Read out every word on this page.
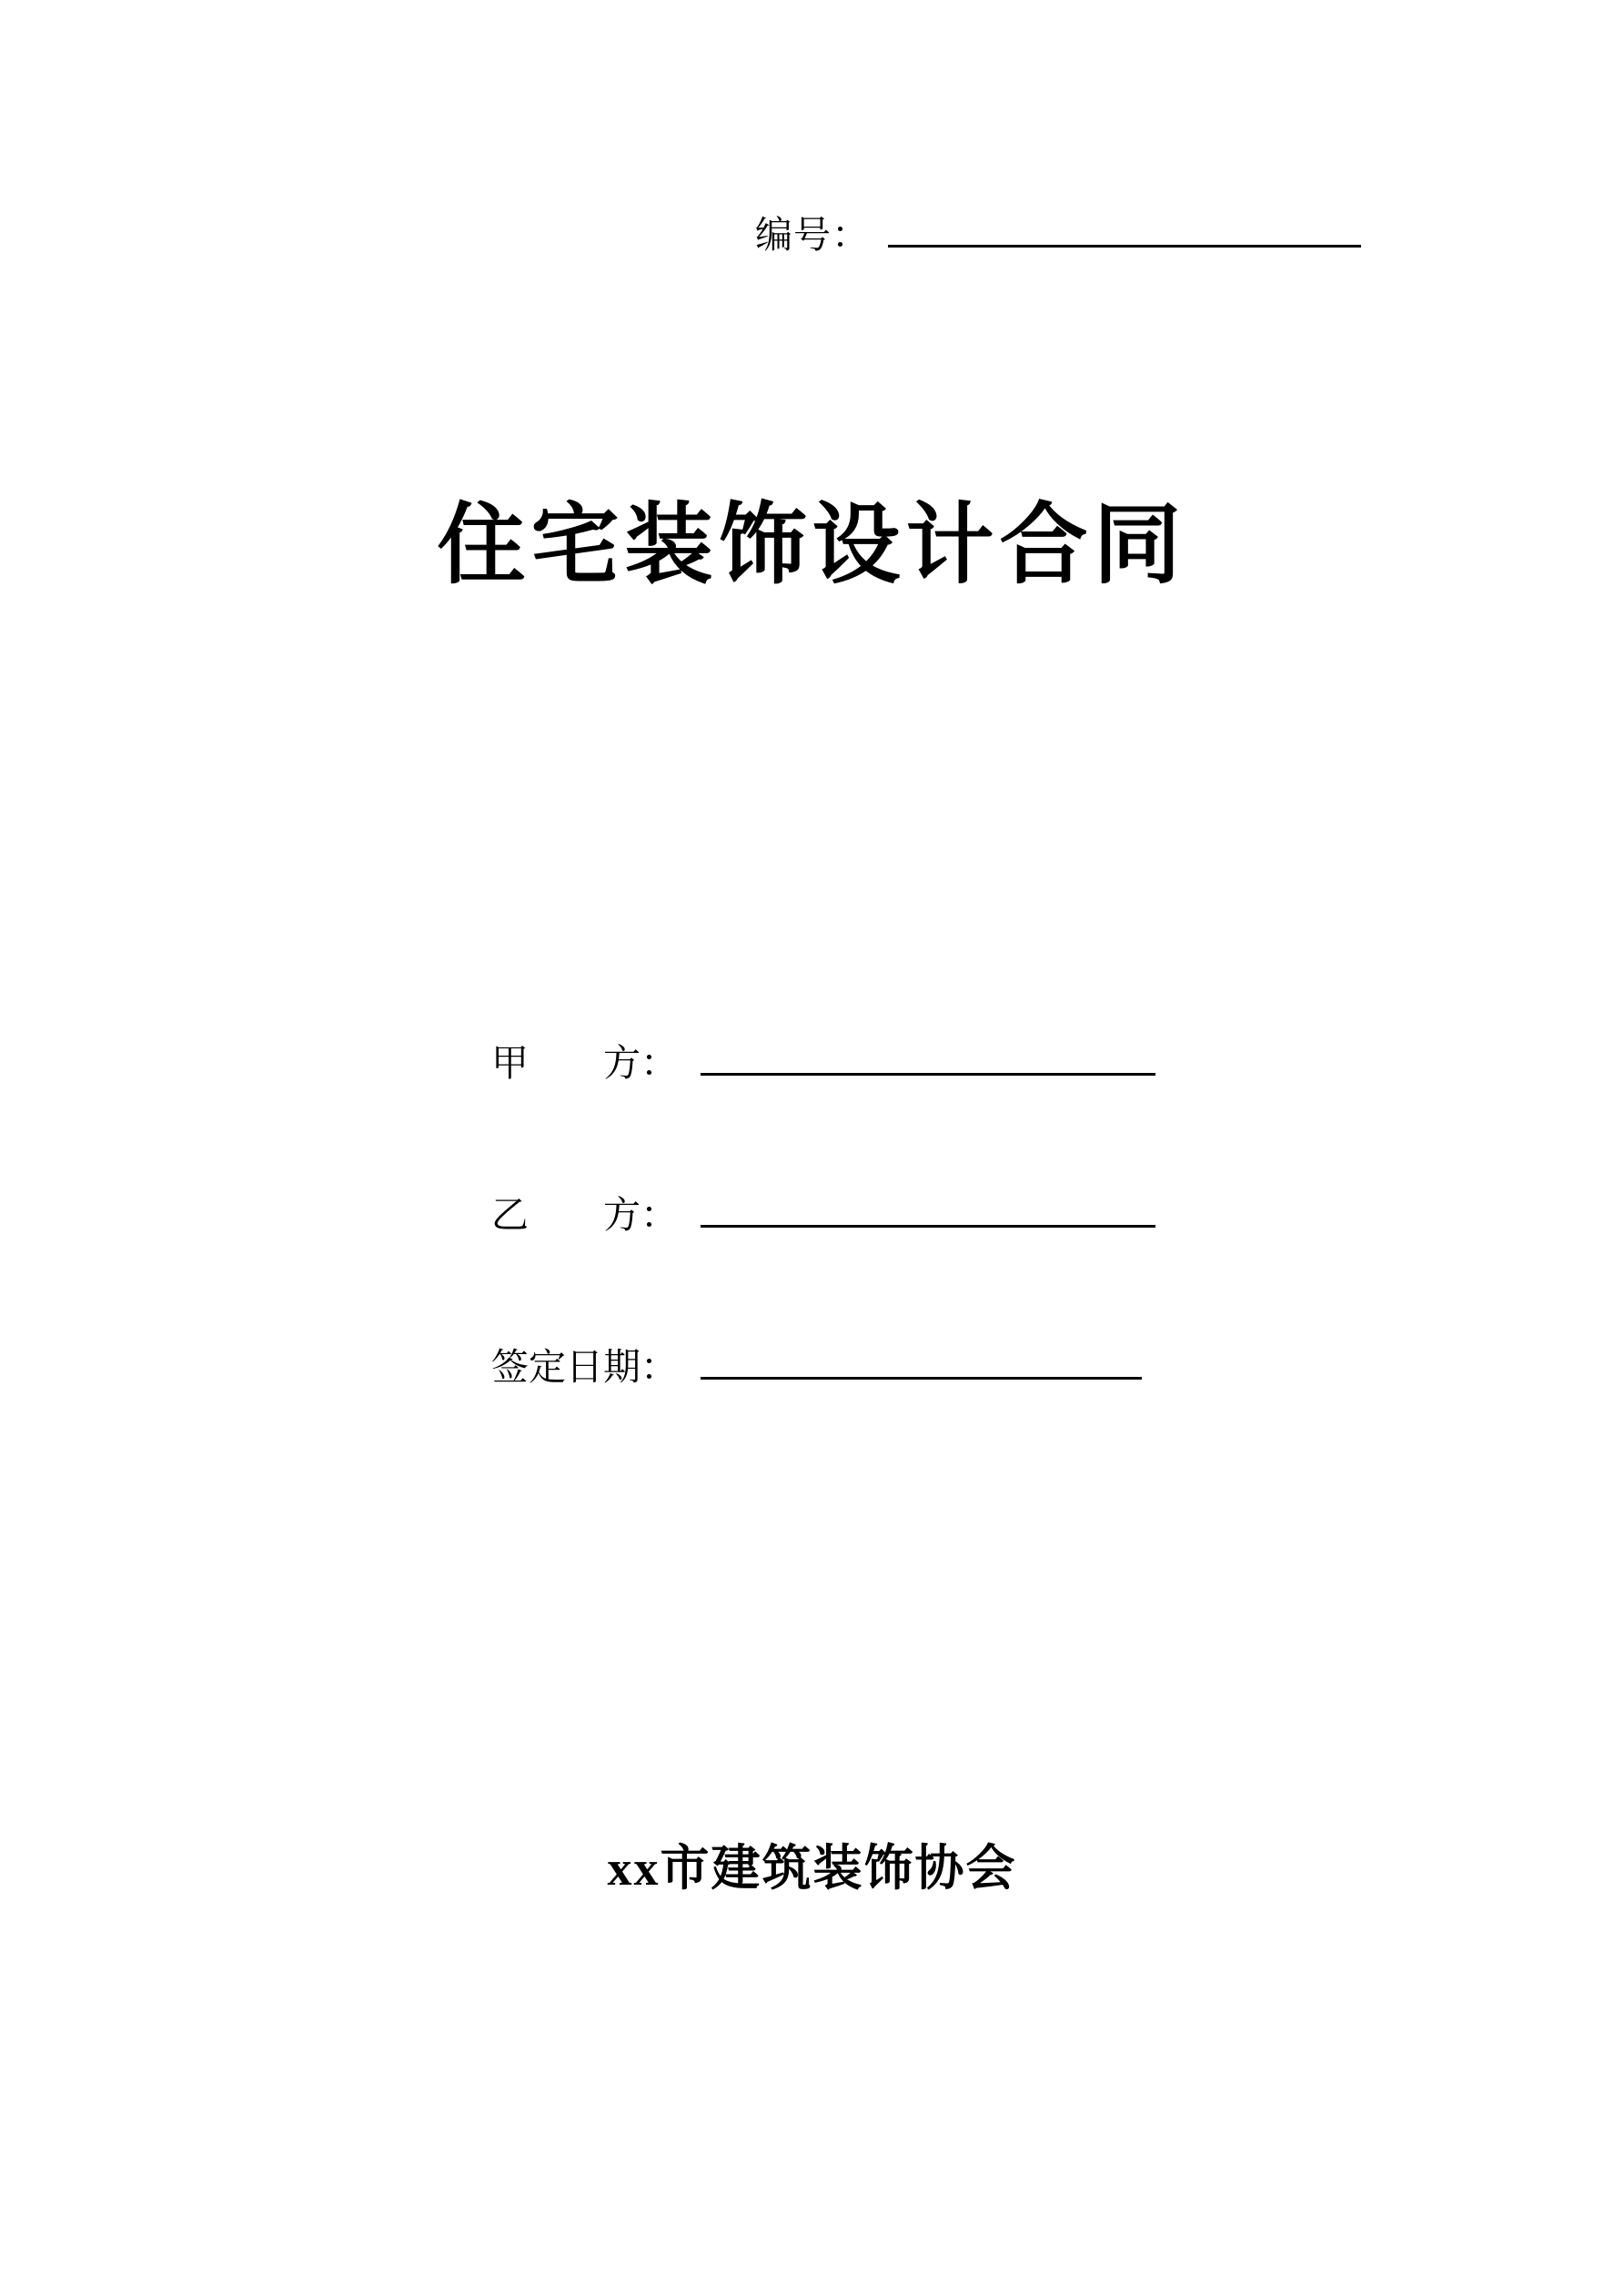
编号：
住宅装饰设计合同
甲　　方：
乙　　方：
签定日期：
xx市建筑装饰协会
